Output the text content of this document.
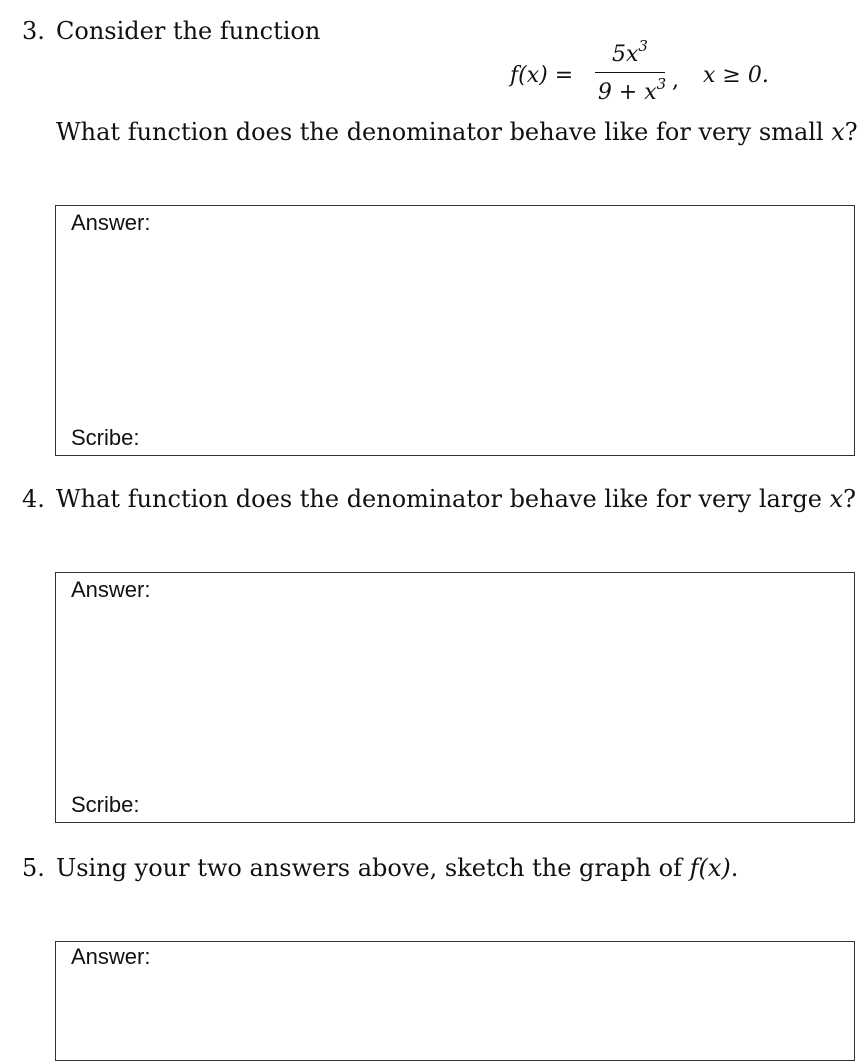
3. Consider the function
f(x) =
$5x^3$
$9 + x^3$ , x ≥ 0.
What function does the denominator behave like for very small x?
Answer:
Scribe:
4. What function does the denominator behave like for very large x?
Answer:
Scribe:
5. Using your two answers above, sketch the graph of f(x).
Answer:
